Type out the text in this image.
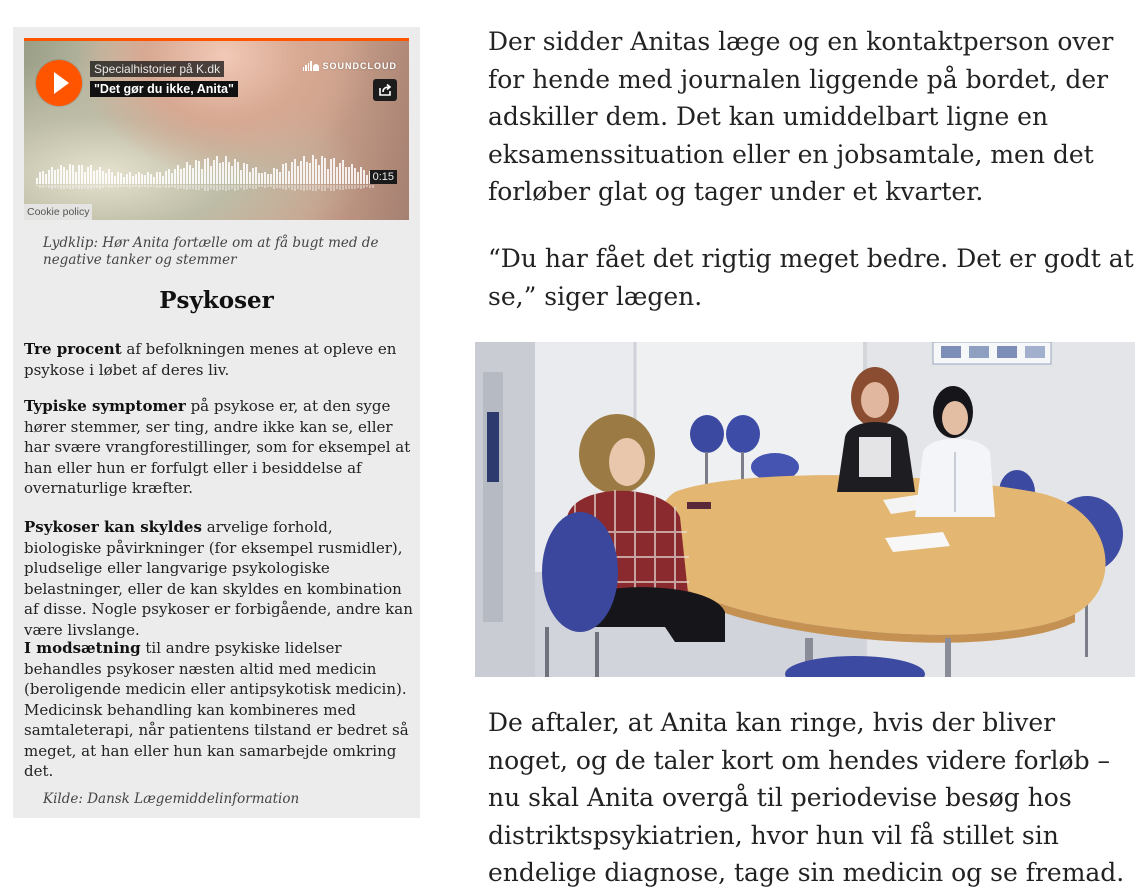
Specialhistorier på K.dk
"Det gør du ikke, Anita"
SOUNDCLOUD
0:15
Cookie policy
Lydklip: Hør Anita fortælle om at få bugt med de negative tanker og stemmer
Psykoser

Tre procent af befolkningen menes at opleve en psykose i løbet af deres liv.

Typiske symptomer på psykose er, at den syge hører stemmer, ser ting, andre ikke kan se, eller har svære vrangforestillinger, som for eksempel at han eller hun er forfulgt eller i besiddelse af overnaturlige kræfter.

Psykoser kan skyldes arvelige forhold, biologiske påvirkninger (for eksempel rusmidler), pludselige eller langvarige psykologiske belastninger, eller de kan skyldes en kombination af disse. Nogle psykoser er forbigående, andre kan være livslange.

I modsætning til andre psykiske lidelser behandles psykoser næsten altid med medicin (beroligende medicin eller antipsykotisk medicin). Medicinsk behandling kan kombineres med samtaleterapi, når patientens tilstand er bedret så meget, at han eller hun kan samarbejde omkring det.

Kilde: Dansk Lægemiddelinformation

Der sidder Anitas læge og en kontaktperson over for hende med journalen liggende på bordet, der adskiller dem. Det kan umiddelbart ligne en eksamenssituation eller en jobsamtale, men det forløber glat og tager under et kvarter.

“Du har fået det rigtig meget bedre. Det er godt at se,” siger lægen.

De aftaler, at Anita kan ringe, hvis der bliver noget, og de taler kort om hendes videre forløb – nu skal Anita overgå til periodevise besøg hos distriktspsykiatrien, hvor hun vil få stillet sin endelige diagnose, tage sin medicin og se fremad.
